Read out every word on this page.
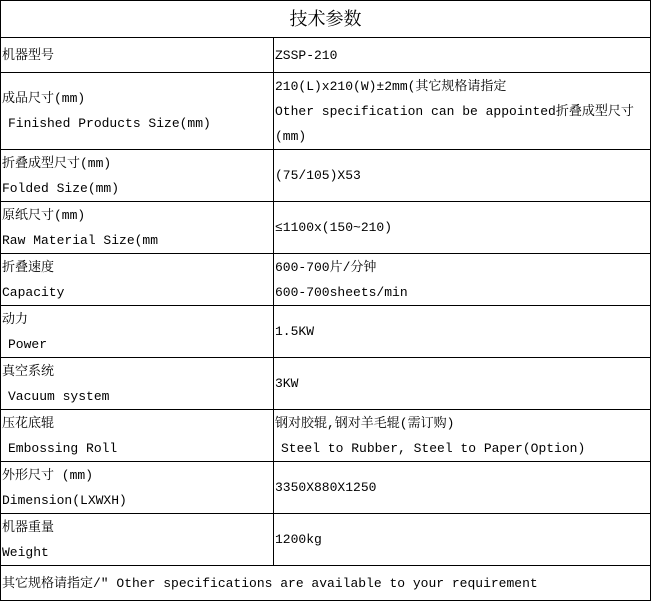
技术参数	

机器型号	ZSSP-210

成品尺寸(mm)
Finished Products Size(mm)	210(L)x210(W)±2mm(其它规格请指定
Other specification can be appointed折叠成型尺寸(mm)

折叠成型尺寸(mm)
Folded Size(mm)	(75/105)X53

原纸尺寸(mm)
Raw Material Size(mm	≤1100x(150~210)

折叠速度
Capacity	600-700片/分钟
600-700sheets/min

动力
Power	1.5KW

真空系统
Vacuum system	3KW

压花底辊
Embossing Roll	钢对胶辊,钢对羊毛辊(需订购)
Steel to Rubber, Steel to Paper(Option)

外形尺寸 (mm)
Dimension(LXWXH)	3350X880X1250

机器重量
Weight	1200kg

其它规格请指定/" Other specifications are available to your requirement	
